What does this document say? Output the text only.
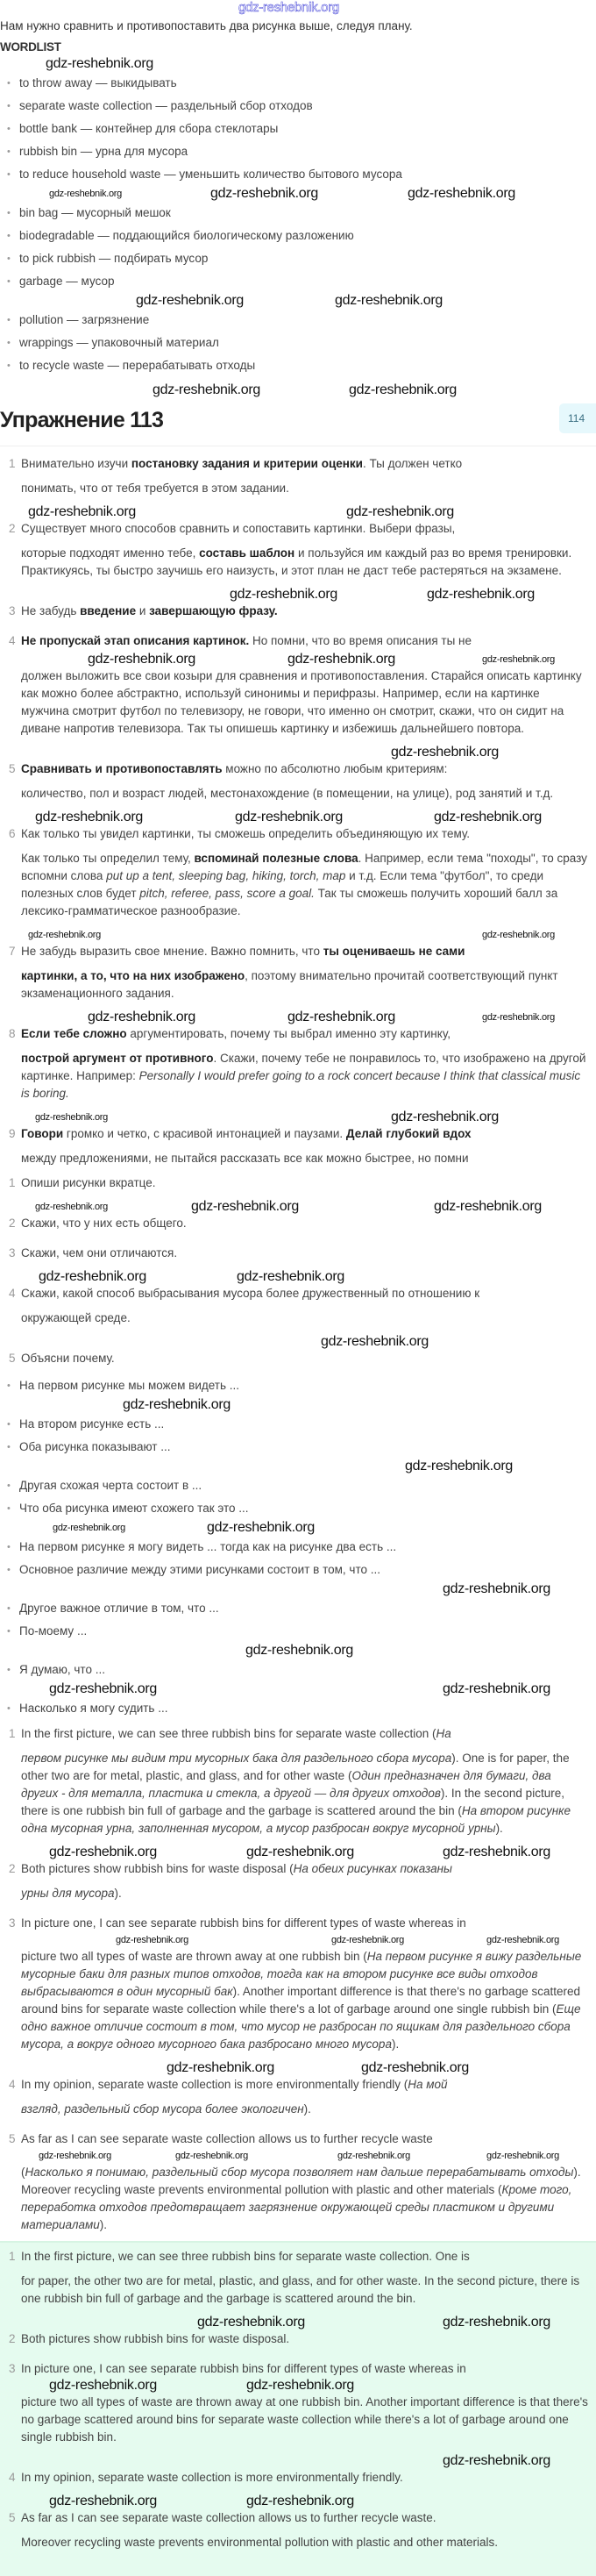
gdz-reshebnik.org
Нам нужно сравнить и противопоставить два рисунка выше, следуя плану.
WORDLIST
gdz-reshebnik.org
• to throw away — выкидывать
• separate waste collection — раздельный сбор отходов
• bottle bank — контейнер для сбора стеклотары
• rubbish bin — урна для мусора
• to reduce household waste — уменьшить количество бытового мусора
gdz-reshebnik.org	gdz-reshebnik.org	gdz-reshebnik.org
• bin bag — мусорный мешок
• biodegradable — поддающийся биологическому разложению
• to pick rubbish — подбирать мусор
• garbage — мусор
gdz-reshebnik.org	gdz-reshebnik.org
• pollution — загрязнение
• wrappings — упаковочный материал
• to recycle waste — перерабатывать отходы
gdz-reshebnik.org	gdz-reshebnik.org
Упражнение 113	114
1 Внимательно изучи постановку задания и критерии оценки. Ты должен четко
понимать, что от тебя требуется в этом задании.
gdz-reshebnik.org	gdz-reshebnik.org
2 Существует много способов сравнить и сопоставить картинки. Выбери фразы,
которые подходят именно тебе, составь шаблон и пользуйся им каждый раз во время тренировки. Практикуясь, ты быстро заучишь его наизусть, и этот план не даст тебе растеряться на экзамене.
gdz-reshebnik.org	gdz-reshebnik.org
3 Не забудь введение и завершающую фразу.
4 Не пропускай этап описания картинок. Но помни, что во время описания ты не
gdz-reshebnik.org	gdz-reshebnik.org	gdz-reshebnik.org
должен выложить все свои козыри для сравнения и противопоставления. Старайся описать картинку как можно более абстрактно, используй синонимы и перифразы. Например, если на картинке мужчина смотрит футбол по телевизору, не говори, что именно он смотрит, скажи, что он сидит на диване напротив телевизора. Так ты опишешь картинку и избежишь дальнейшего повтора.
gdz-reshebnik.org
5 Сравнивать и противопоставлять можно по абсолютно любым критериям:
количество, пол и возраст людей, местонахождение (в помещении, на улице), род занятий и т.д.
gdz-reshebnik.org	gdz-reshebnik.org	gdz-reshebnik.org
6 Как только ты увидел картинки, ты сможешь определить объединяющую их тему.
Как только ты определил тему, вспоминай полезные слова. Например, если тема "походы", то сразу вспомни слова put up a tent, sleeping bag, hiking, torch, map и т.д. Если тема "футбол", то среди полезных слов будет pitch, referee, pass, score a goal. Так ты сможешь получить хороший балл за лексико-грамматическое разнообразие.
gdz-reshebnik.org	gdz-reshebnik.org
7 Не забудь выразить свое мнение. Важно помнить, что ты оцениваешь не сами
картинки, а то, что на них изображено, поэтому внимательно прочитай соответствующий пункт экзаменационного задания.
gdz-reshebnik.org	gdz-reshebnik.org	gdz-reshebnik.org
8 Если тебе сложно аргументировать, почему ты выбрал именно эту картинку,
построй аргумент от противного. Скажи, почему тебе не понравилось то, что изображено на другой картинке. Например: Personally I would prefer going to a rock concert because I think that classical music is boring.
gdz-reshebnik.org	gdz-reshebnik.org
9 Говори громко и четко, с красивой интонацией и паузами. Делай глубокий вдох
между предложениями, не пытайся рассказать все как можно быстрее, но помни
1 Опиши рисунки вкратце.
gdz-reshebnik.org	gdz-reshebnik.org	gdz-reshebnik.org
2 Скажи, что у них есть общего.
3 Скажи, чем они отличаются.
gdz-reshebnik.org	gdz-reshebnik.org
4 Скажи, какой способ выбрасывания мусора более дружественный по отношению к
окружающей среде.
gdz-reshebnik.org
5 Объясни почему.
• На первом рисунке мы можем видеть ...
gdz-reshebnik.org
• На втором рисунке есть ...
• Оба рисунка показывают ...
gdz-reshebnik.org
• Другая схожая черта состоит в ...
• Что оба рисунка имеют схожего так это ...
gdz-reshebnik.org	gdz-reshebnik.org
• На первом рисунке я могу видеть ... тогда как на рисунке два есть ...
• Основное различие между этими рисунками состоит в том, что ...
gdz-reshebnik.org
• Другое важное отличие в том, что ...
• По-моему ...
gdz-reshebnik.org
• Я думаю, что ...
gdz-reshebnik.org	gdz-reshebnik.org
• Насколько я могу судить ...
1 In the first picture, we can see three rubbish bins for separate waste collection (На
первом рисунке мы видим три мусорных бака для раздельного сбора мусора). One is for paper, the other two are for metal, plastic, and glass, and for other waste (Один предназначен для бумаги, два других - для металла, пластика и стекла, а другой — для других отходов). In the second picture, there is one rubbish bin full of garbage and the garbage is scattered around the bin (На втором рисунке одна мусорная урна, заполненная мусором, а мусор разбросан вокруг мусорной урны).
gdz-reshebnik.org	gdz-reshebnik.org	gdz-reshebnik.org
2 Both pictures show rubbish bins for waste disposal (На обеих рисунках показаны
урны для мусора).
3 In picture one, I can see separate rubbish bins for different types of waste whereas in
gdz-reshebnik.org	gdz-reshebnik.org	gdz-reshebnik.org
picture two all types of waste are thrown away at one rubbish bin (На первом рисунке я вижу раздельные мусорные баки для разных типов отходов, тогда как на втором рисунке все виды отходов выбрасываются в один мусорный бак). Another important difference is that there's no garbage scattered around bins for separate waste collection while there's a lot of garbage around one single rubbish bin (Еще одно важное отличие состоит в том, что мусор не разбросан по ящикам для раздельного сбора мусора, а вокруг одного мусорного бака разбросано много мусора).
gdz-reshebnik.org	gdz-reshebnik.org
4 In my opinion, separate waste collection is more environmentally friendly (На мой
взгляд, раздельный сбор мусора более экологичен).
5 As far as I can see separate waste collection allows us to further recycle waste
gdz-reshebnik.org	gdz-reshebnik.org	gdz-reshebnik.org	gdz-reshebnik.org
(Насколько я понимаю, раздельный сбор мусора позволяет нам дальше перерабатывать отходы). Moreover recycling waste prevents environmental pollution with plastic and other materials (Кроме того, переработка отходов предотвращает загрязнение окружающей среды пластиком и другими материалами).
1 In the first picture, we can see three rubbish bins for separate waste collection. One is
for paper, the other two are for metal, plastic, and glass, and for other waste. In the second picture, there is one rubbish bin full of garbage and the garbage is scattered around the bin.
gdz-reshebnik.org	gdz-reshebnik.org
2 Both pictures show rubbish bins for waste disposal.
3 In picture one, I can see separate rubbish bins for different types of waste whereas in
gdz-reshebnik.org	gdz-reshebnik.org
picture two all types of waste are thrown away at one rubbish bin. Another important difference is that there's no garbage scattered around bins for separate waste collection while there's a lot of garbage around one single rubbish bin.
gdz-reshebnik.org
4 In my opinion, separate waste collection is more environmentally friendly.
gdz-reshebnik.org	gdz-reshebnik.org
5 As far as I can see separate waste collection allows us to further recycle waste.
Moreover recycling waste prevents environmental pollution with plastic and other materials.
